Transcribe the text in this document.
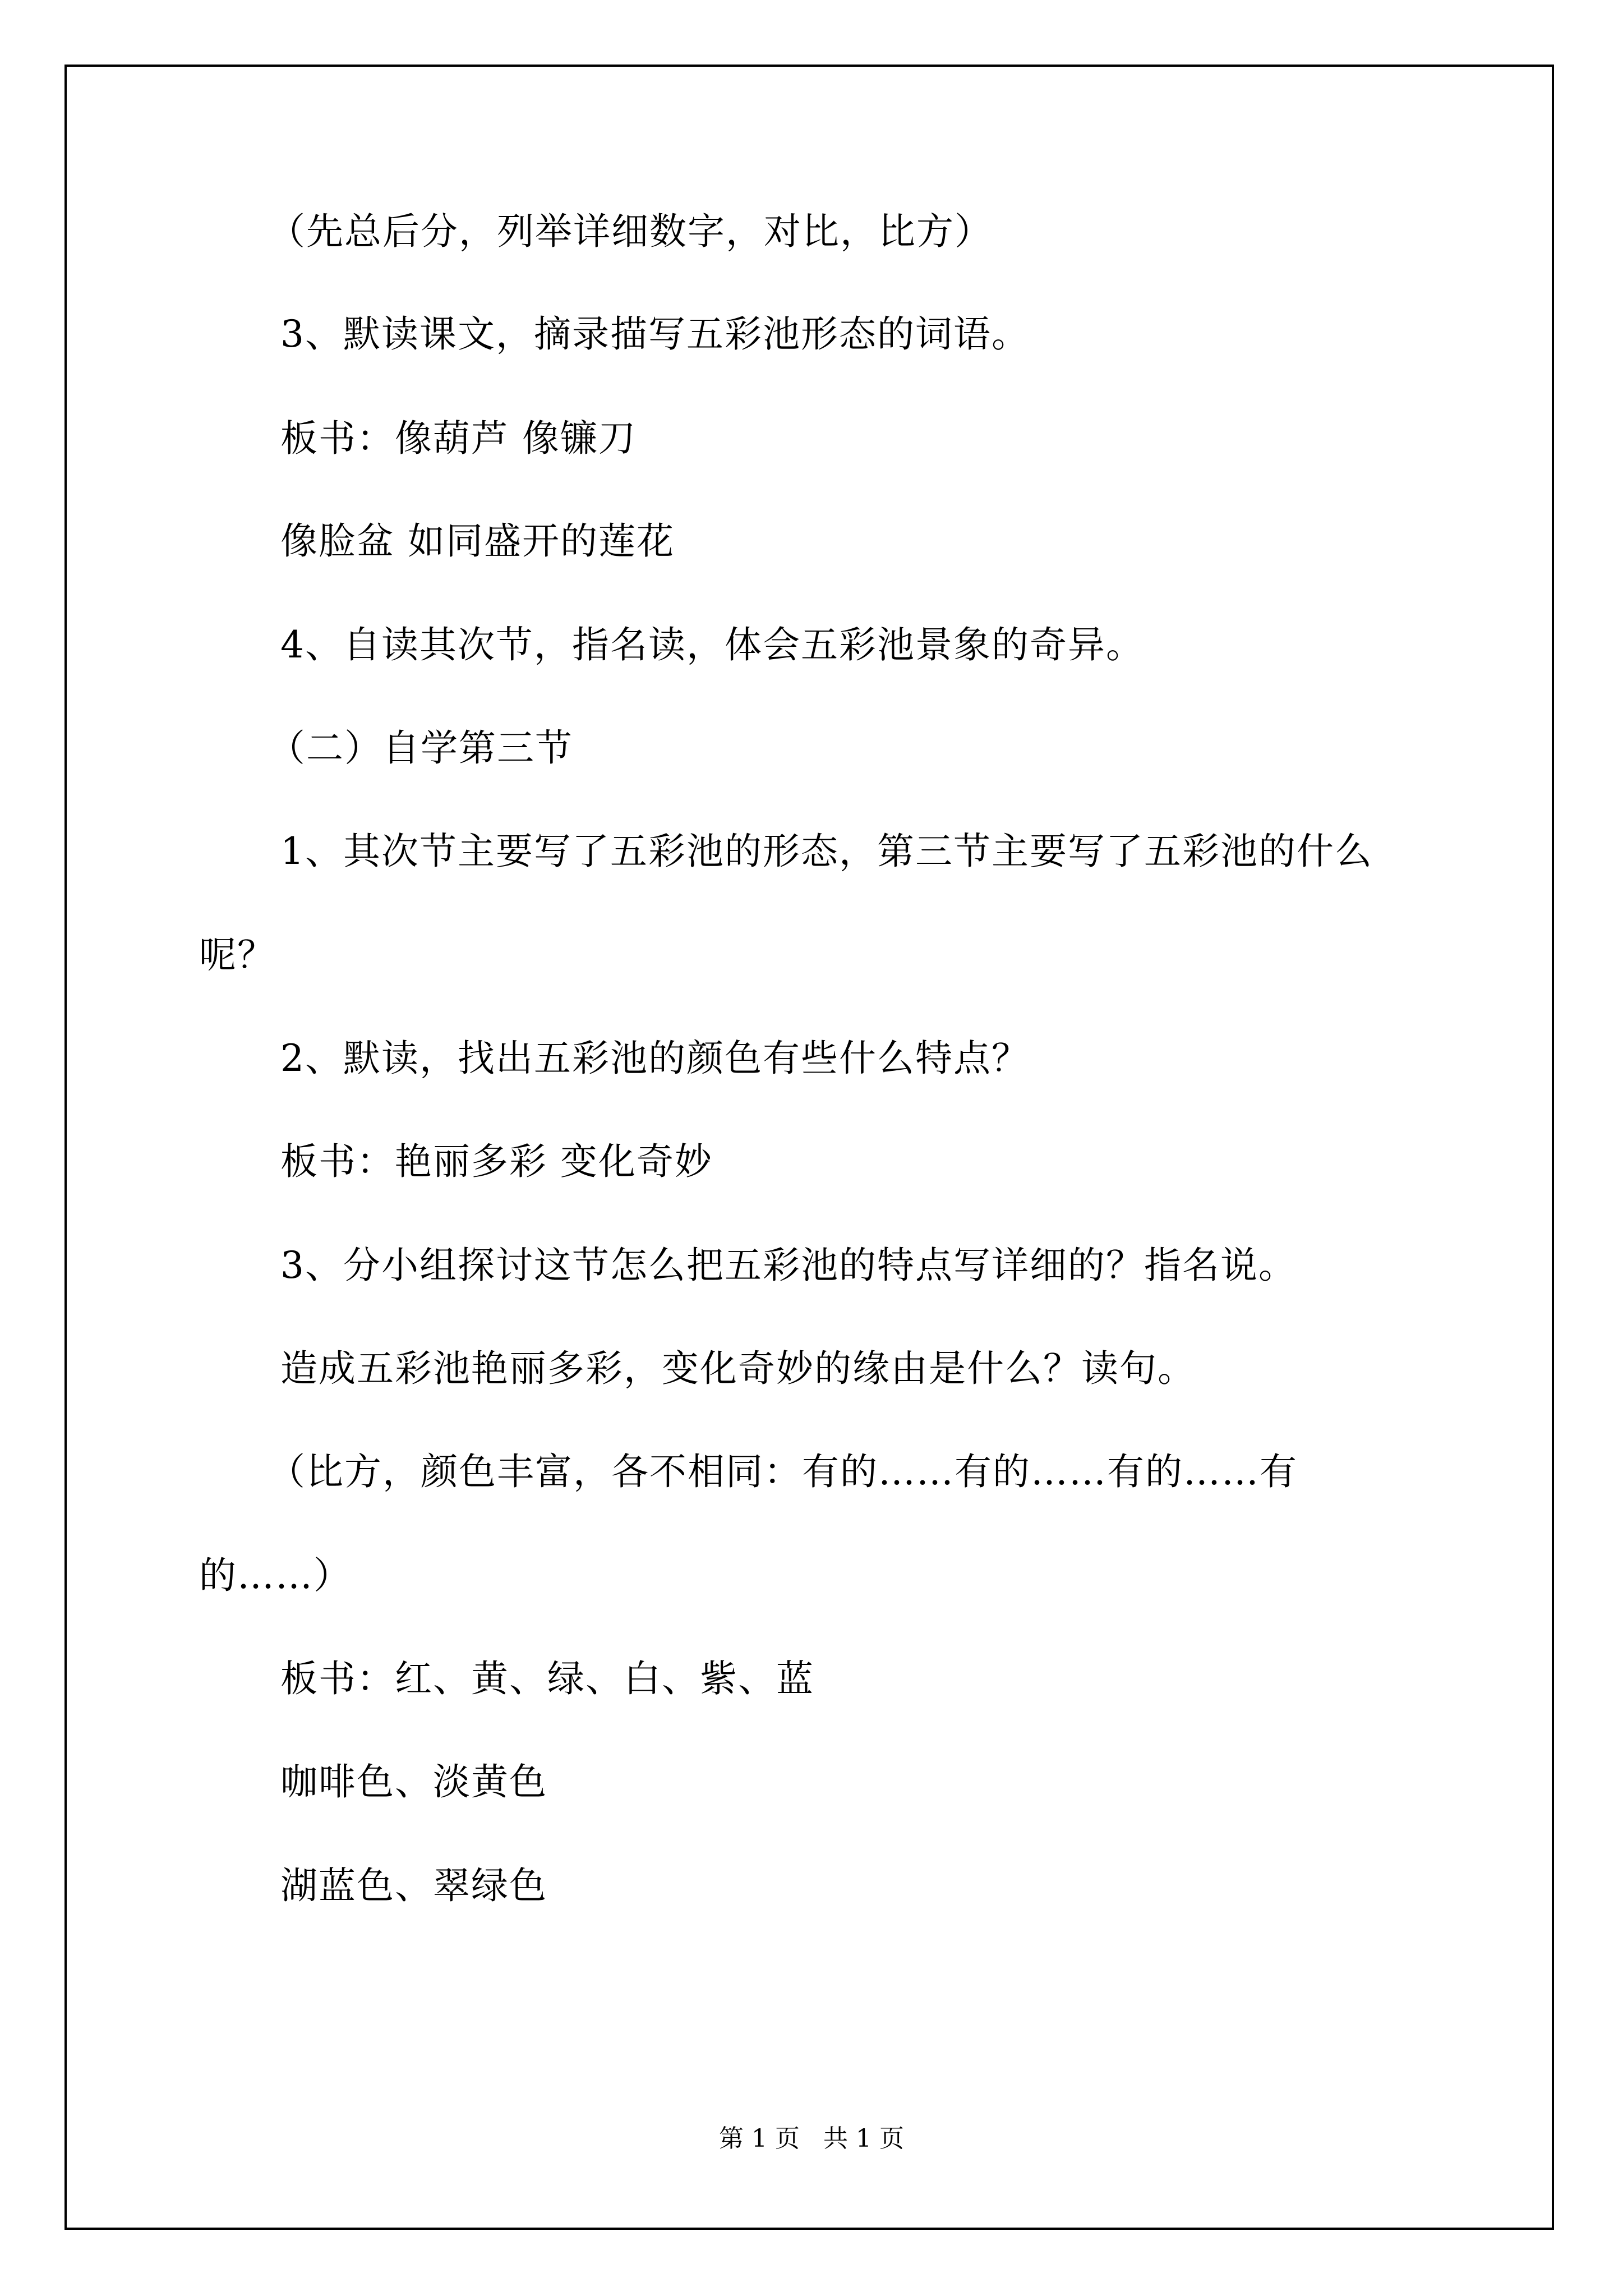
（先总后分，列举详细数字，对比，比方）
3、默读课文，摘录描写五彩池形态的词语。
板书：像葫芦 像镰刀
像脸盆 如同盛开的莲花
4、自读其次节，指名读，体会五彩池景象的奇异。
（二）自学第三节
1、其次节主要写了五彩池的形态，第三节主要写了五彩池的什么
呢？
2、默读，找出五彩池的颜色有些什么特点？
板书：艳丽多彩 变化奇妙
3、分小组探讨这节怎么把五彩池的特点写详细的？指名说。
造成五彩池艳丽多彩，变化奇妙的缘由是什么？读句。
（比方，颜色丰富，各不相同：有的……有的……有的……有
的……）
板书：红、黄、绿、白、紫、蓝
咖啡色、淡黄色
湖蓝色、翠绿色
第 1 页   共 1 页
